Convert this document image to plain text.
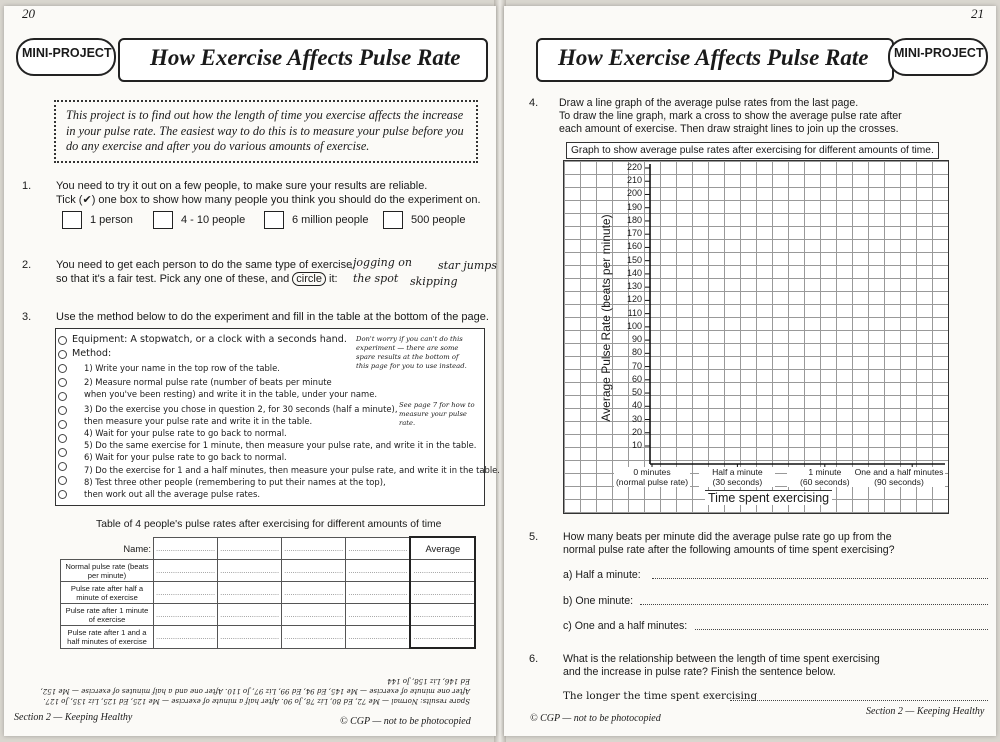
20
MINI-PROJECT How Exercise Affects Pulse Rate
This project is to find out how the length of time you exercise affects the increase in your pulse rate. The easiest way to do this is to measure your pulse before you do any exercise and after you do various amounts of exercise.
1. You need to try it out on a few people, to make sure your results are reliable.
Tick (✔) one box to show how many people you think you should do the experiment on.
1 person	4 - 10 people	6 million people	500 people
2. You need to get each person to do the same type of exercise,
so that it's a fair test. Pick any one of these, and circle it:
jogging on star jumps
the spot skipping
3. Use the method below to do the experiment and fill in the table at the bottom of the page.
Equipment: A stopwatch, or a clock with a seconds hand.
Method:
1) Write your name in the top row of the table.
2) Measure normal pulse rate (number of beats per minute
when you've been resting) and write it in the table, under your name.
3) Do the exercise you chose in question 2, for 30 seconds (half a minute),
then measure your pulse rate and write it in the table.
4) Wait for your pulse rate to go back to normal.
5) Do the same exercise for 1 minute, then measure your pulse rate, and write it in the table.
6) Wait for your pulse rate to go back to normal.
7) Do the exercise for 1 and a half minutes, then measure your pulse rate, and write it in the table.
8) Test three other people (remembering to put their names at the top),
then work out all the average pulse rates.
Don't worry if you can't do this
experiment — there are some
spare results at the bottom of
this page for you to use instead.
See page 7 for how to
measure your pulse rate.
Table of 4 people's pulse rates after exercising for different amounts of time
Name:	............................	............................	............................	............................	Average
Normal pulse rate (beats per minute)	............................	............................	............................	............................	............................
Pulse rate after half a minute of exercise	............................	............................	............................	............................	............................
Pulse rate after 1 minute of exercise	............................	............................	............................	............................	............................
Pulse rate after 1 and a half minutes of exercise	............................	............................	............................	............................	............................
Spare results: Normal — Me 72, Ed 80, Liz 78, Jo 90. After half a minute of exercise — Me 125, Ed 125, Liz 135, Jo 127. After one minute of exercise — Me 145, Ed 94, Ed 99, Liz 97, Jo 110. After one and a half minutes of exercise — Me 152, Ed 146, Liz 158, Jo 144
Section 2 — Keeping Healthy	© CGP — not to be photocopied
21
How Exercise Affects Pulse Rate MINI-PROJECT
4. Draw a line graph of the average pulse rates from the last page.
To draw the line graph, mark a cross to show the average pulse rate after
each amount of exercise. Then draw straight lines to join up the crosses.
Graph to show average pulse rates after exercising for different amounts of time.
Average Pulse Rate (beats per minute)
10
20
30
40
50
60
70
80
90
100
110
120
130
140
150
160
170
180
190
200
210
220
0 minutes
(normal pulse rate)
Half a minute
(30 seconds)
1 minute
(60 seconds)
One and a half minutes
(90 seconds)
Time spent exercising
5. How many beats per minute did the average pulse rate go up from the
normal pulse rate after the following amounts of time spent exercising?
a) Half a minute:
b) One minute:
c) One and a half minutes:
6. What is the relationship between the length of time spent exercising
and the increase in pulse rate? Finish the sentence below.
The longer the time spent exercising
© CGP — not to be photocopied
Section 2 — Keeping Healthy
